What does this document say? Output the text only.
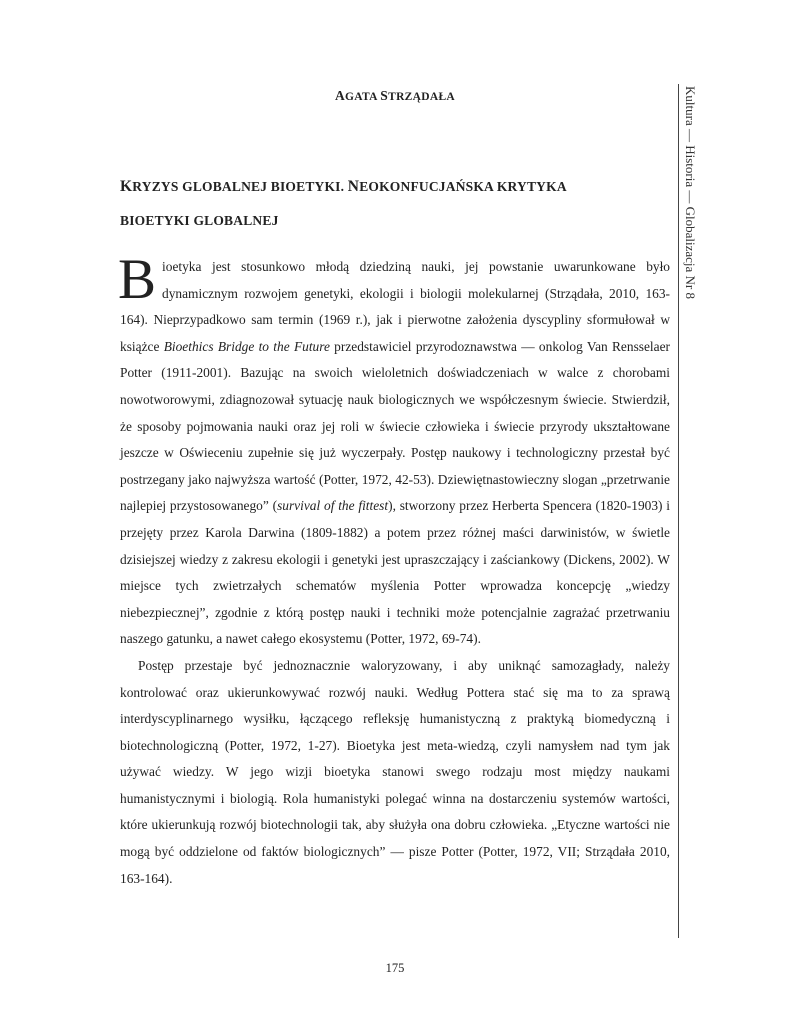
AGATA STRZĄDAŁA
KRYZYS GLOBALNEJ BIOETYKI. NEOKONFUCJAŃSKA KRYTYKA
BIOETYKI GLOBALNEJ	Kultura — Historia — Globalizacja Nr 8

Bioetyka jest stosunkowo młodą dziedziną nauki, jej powstanie uwarunkowane było dynamicznym rozwojem genetyki, ekologii i biologii molekularnej (Strządała, 2010, 163-164). Nieprzypadkowo sam termin (1969 r.), jak i pierwotne założenia dyscypliny sformułował w książce Bioethics Bridge to the Future przedstawiciel przyrodoznawstwa — onkolog Van Rensselaer Potter (1911-2001). Bazując na swoich wieloletnich doświadczeniach w walce z chorobami nowotworowymi, zdiagnozował sytuację nauk biologicznych we współczesnym świecie. Stwierdził, że sposoby pojmowania nauki oraz jej roli w świecie człowieka i świecie przyrody ukształtowane jeszcze w Oświeceniu zupełnie się już wyczerpały. Postęp naukowy i technologiczny przestał być postrzegany jako najwyższa wartość (Potter, 1972, 42-53). Dziewiętnastowieczny slogan „przetrwanie najlepiej przystosowanego” (survival of the fittest), stworzony przez Herberta Spencera (1820-1903) i przejęty przez Karola Darwina (1809-1882) a potem przez różnej maści darwinistów, w świetle dzisiejszej wiedzy z zakresu ekologii i genetyki jest upraszczający i zaściankowy (Dickens, 2002). W miejsce tych zwietrzałych schematów myślenia Potter wprowadza koncepcję „wiedzy niebezpiecznej”, zgodnie z którą postęp nauki i techniki może potencjalnie zagrażać przetrwaniu naszego gatunku, a nawet całego ekosystemu (Potter, 1972, 69-74).

Postęp przestaje być jednoznacznie waloryzowany, i aby uniknąć samozagłady, należy kontrolować oraz ukierunkowywać rozwój nauki. Według Pottera stać się ma to za sprawą interdyscyplinarnego wysiłku, łączącego refleksję humanistyczną z praktyką biomedyczną i biotechnologiczną (Potter, 1972, 1-27). Bioetyka jest meta-wiedzą, czyli namysłem nad tym jak używać wiedzy. W jego wizji bioetyka stanowi swego rodzaju most między naukami humanistycznymi i biologią. Rola humanistyki polegać winna na dostarczeniu systemów wartości, które ukierunkują rozwój biotechnologii tak, aby służyła ona dobru człowieka. „Etyczne wartości nie mogą być oddzielone od faktów biologicznych” — pisze Potter (Potter, 1972, VII; Strządała 2010, 163-164).

175
